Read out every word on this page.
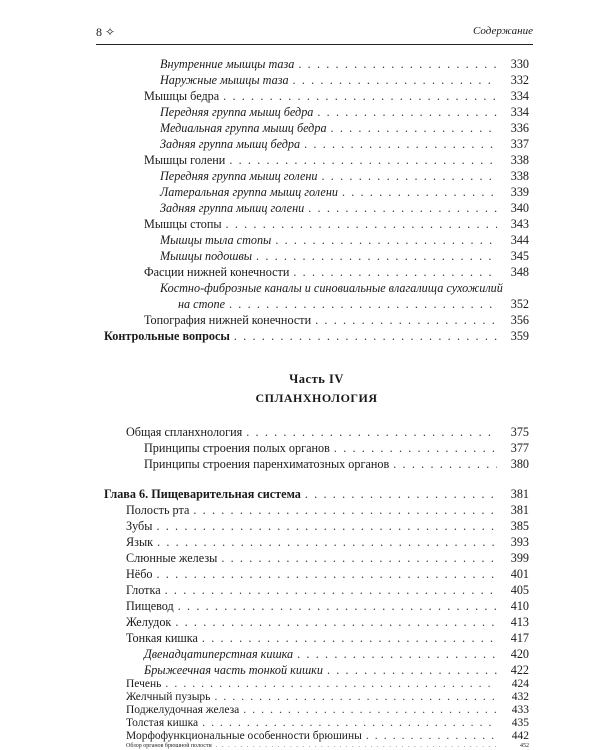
8 ✧	Содержание
Внутренние мышцы таза . . .	330
Наружные мышцы таза . . .	332
Мышцы бедра . . .	334
Передняя группа мышц бедра . . .	334
Медиальная группа мышц бедра . . .	336
Задняя группа мышц бедра . . .	337
Мышцы голени . . .	338
Передняя группа мышц голени . . .	338
Латеральная группа мышц голени . . .	339
Задняя группа мышц голени . . .	340
Мышцы стопы . . .	343
Мышцы тыла стопы . . .	344
Мышцы подошвы . . .	345
Фасции нижней конечности . . .	348
Костно-фиброзные каналы и синовиальные влагалища сухожилий
на стопе . . .	352
Топография нижней конечности . . .	356
Контрольные вопросы . . .	359
Часть IV
СПЛАНХНОЛОГИЯ
Общая спланхнология . . .	375
Принципы строения полых органов . . .	377
Принципы строения паренхиматозных органов . . .	380
Глава 6. Пищеварительная система . . .	381
Полость рта . . .	381
Зубы . . .	385
Язык . . .	393
Слюнные железы . . .	399
Нёбо . . .	401
Глотка . . .	405
Пищевод . . .	410
Желудок . . .	413
Тонкая кишка . . .	417
Двенадцатиперстная кишка . . .	420
Брыжеечная часть тонкой кишки . . .	422
Печень . . .	424
Желчный пузырь . . .	432
Поджелудочная железа . . .	433
Толстая кишка . . .	435
Морфофункциональные особенности брюшины . . .	442
Обзор органов брюшной полости . . .	452
